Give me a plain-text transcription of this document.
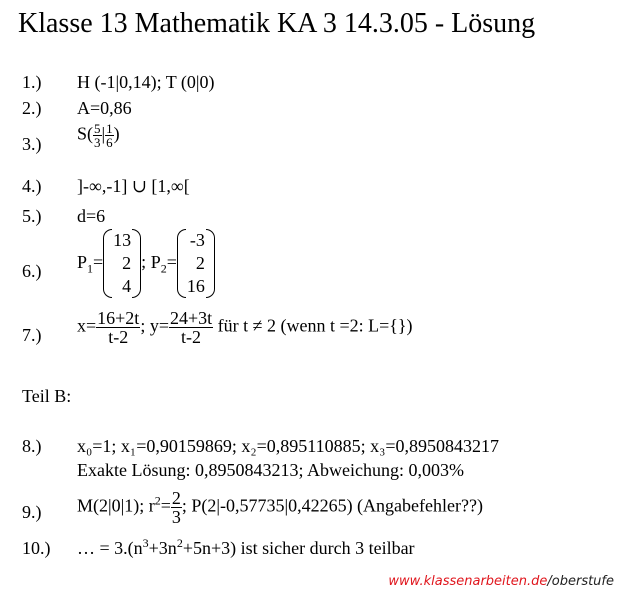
Klasse 13 Mathematik KA 3 14.3.05 - Lösung
1.) H (-1|0,14); T (0|0)
2.) A=0,86
3.)
$S( \frac{5}{3}$ | $\frac{1}{6}$ )
4.) ]-∞,-1] ∪ [1,∞[
5.) d=6
6.) $P_1=$
13
2
4
; $P_2=$
-3
2
16
7.) $x= \frac{16+2t}{t-2}$ ; $y= \frac{24+3t}{t-2}$ für t ≠ 2 (wenn t =2: L={})
Teil B:
8.) x₀=1; x₁=0,90159869; x₂=0,895110885; x₃=0,8950843217
Exakte Lösung: 0,8950843213; Abweichung: 0,003%
9.) M(2|0|1); $r^2= \frac{2}{3}$ ; P(2|-0,57735|0,42265) (Angabefehler??)
10.) … = $3.(n^3+3n^2+5n+3)$ ist sicher durch 3 teilbar
www.klassenarbeiten.de/oberstufe
